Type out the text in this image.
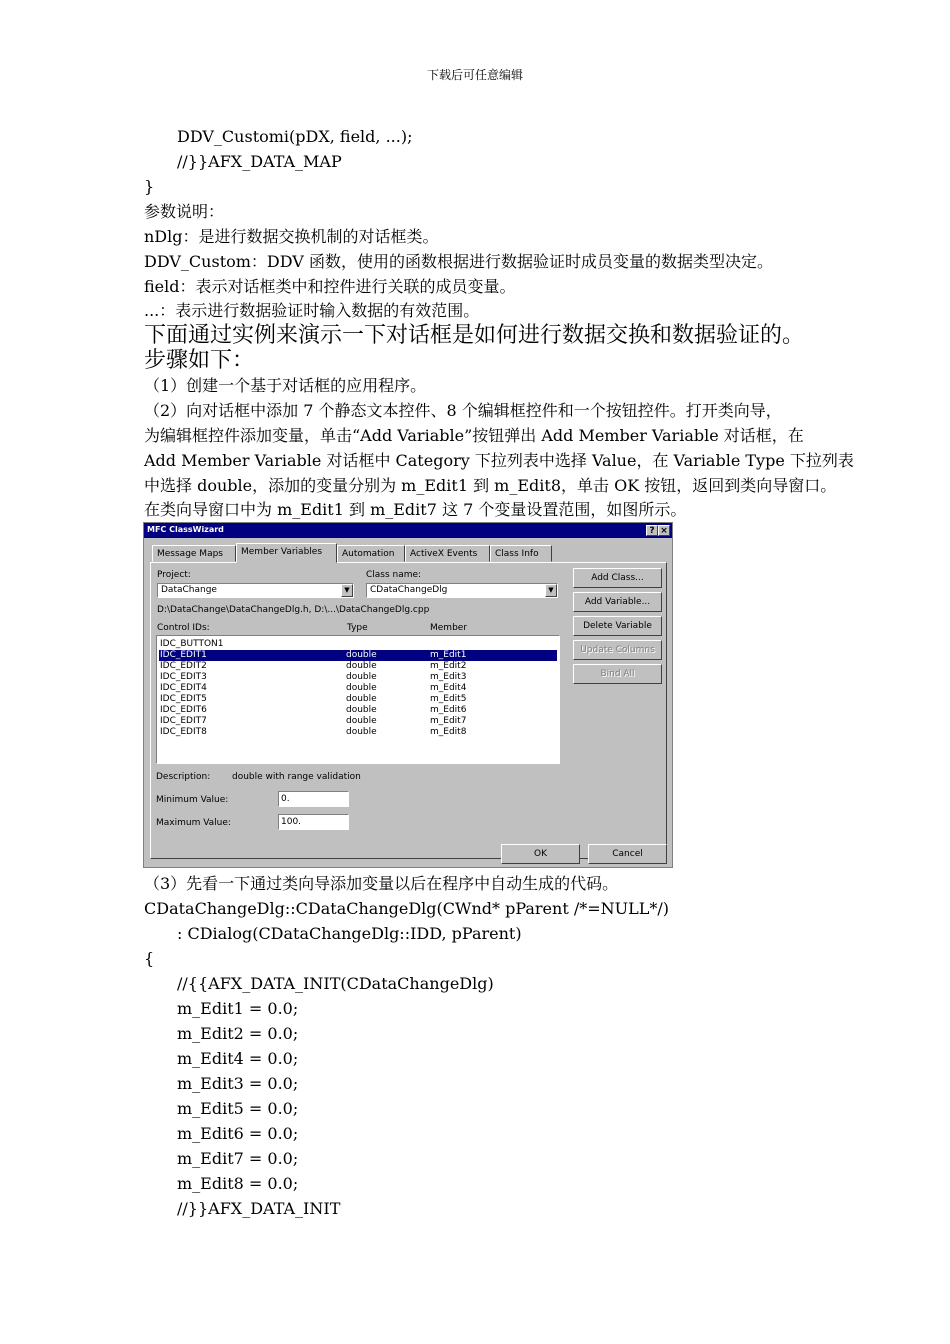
下载后可任意编辑
DDV_Customi(pDX, field, ...);
//}}AFX_DATA_MAP
}
参数说明：
nDlg：是进行数据交换机制的对话框类。
DDV_Custom：DDV 函数，使用的函数根据进行数据验证时成员变量的数据类型决定。
field：表示对话框类中和控件进行关联的成员变量。
...：表示进行数据验证时输入数据的有效范围。
下面通过实例来演示一下对话框是如何进行数据交换和数据验证的。
步骤如下：
（1）创建一个基于对话框的应用程序。
（2）向对话框中添加 7 个静态文本控件、8 个编辑框控件和一个按钮控件。打开类向导，
为编辑框控件添加变量，单击“Add Variable”按钮弹出 Add Member Variable 对话框，在
Add Member Variable 对话框中 Category 下拉列表中选择 Value，在 Variable Type 下拉列表
中选择 double，添加的变量分别为 m_Edit1 到 m_Edit8，单击 OK 按钮，返回到类向导窗口。
在类向导窗口中为 m_Edit1 到 m_Edit7 这 7 个变量设置范围，如图所示。
MFC ClassWizard	? ×
Message Maps	Member Variables	Automation	ActiveX Events	Class Info
Project:
DataChange	▼
Class name:
CDataChangeDlg	▼
D:\DataChange\DataChangeDlg.h, D:\...\DataChangeDlg.cpp
Control IDs:	Type	Member
IDC_BUTTON1
IDC_EDIT1	double	m_Edit1
IDC_EDIT2	double	m_Edit2
IDC_EDIT3	double	m_Edit3
IDC_EDIT4	double	m_Edit4
IDC_EDIT5	double	m_Edit5
IDC_EDIT6	double	m_Edit6
IDC_EDIT7	double	m_Edit7
IDC_EDIT8	double	m_Edit8
Add Class...
Add Variable...
Delete Variable
Update Columns
Bind All
Description: double with range validation
Minimum Value:	0.
Maximum Value:	100.
OK	Cancel
（3）先看一下通过类向导添加变量以后在程序中自动生成的代码。
CDataChangeDlg::CDataChangeDlg(CWnd* pParent /*=NULL*/)
: CDialog(CDataChangeDlg::IDD, pParent)
{
//{{AFX_DATA_INIT(CDataChangeDlg)
m_Edit1 = 0.0;
m_Edit2 = 0.0;
m_Edit4 = 0.0;
m_Edit3 = 0.0;
m_Edit5 = 0.0;
m_Edit6 = 0.0;
m_Edit7 = 0.0;
m_Edit8 = 0.0;
//}}AFX_DATA_INIT
